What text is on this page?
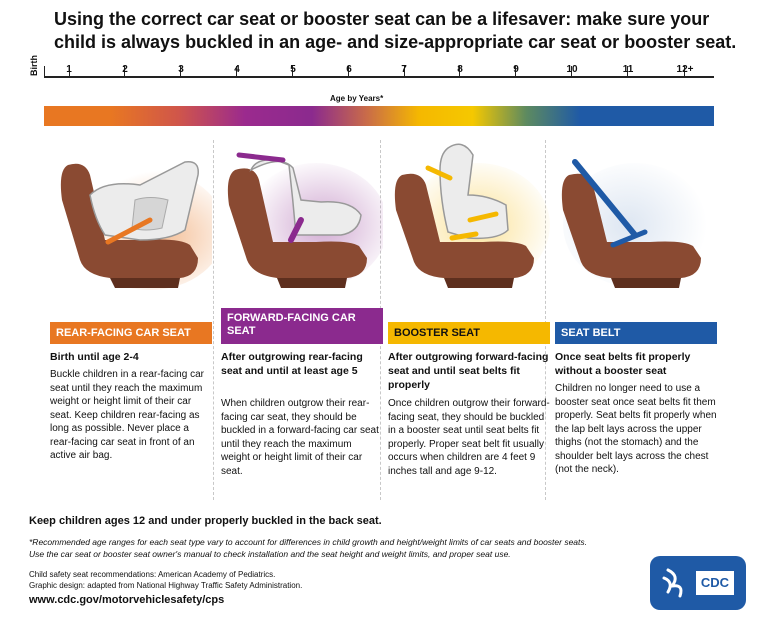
Using the correct car seat or booster seat can be a lifesaver: make sure your child is always buckled in an age- and size-appropriate car seat or booster seat.
Birth	1	2	3	4	5	6	7	8	9	10	11	12+
Age by Years*
REAR-FACING CAR SEAT
Birth until age 2-4
Buckle children in a rear-facing car seat until they reach the maximum weight or height limit of their car seat. Keep children rear-facing as long as possible. Never place a rear-facing car seat in front of an active air bag.
FORWARD-FACING CAR SEAT
After outgrowing rear-facing seat and until at least age 5
When children outgrow their rear-facing car seat, they should be buckled in a forward-facing car seat until they reach the maximum weight or height limit of their car seat.
BOOSTER SEAT
After outgrowing forward-facing seat and until seat belts fit properly
Once children outgrow their forward-facing seat, they should be buckled in a booster seat until seat belts fit properly. Proper seat belt fit usually occurs when children are 4 feet 9 inches tall and age 9-12.
SEAT BELT
Once seat belts fit properly without a booster seat
Children no longer need to use a booster seat once seat belts fit them properly. Seat belts fit properly when the lap belt lays across the upper thighs (not the stomach) and the shoulder belt lays across the chest (not the neck).
Keep children ages 12 and under properly buckled in the back seat.
*Recommended age ranges for each seat type vary to account for differences in child growth and height/weight limits of car seats and booster seats.
Use the car seat or booster seat owner's manual to check installation and the seat height and weight limits, and proper seat use.
Child safety seat recommendations: American Academy of Pediatrics.
Graphic design: adapted from National Highway Traffic Safety Administration.
www.cdc.gov/motorvehiclesafety/cps
CDC
